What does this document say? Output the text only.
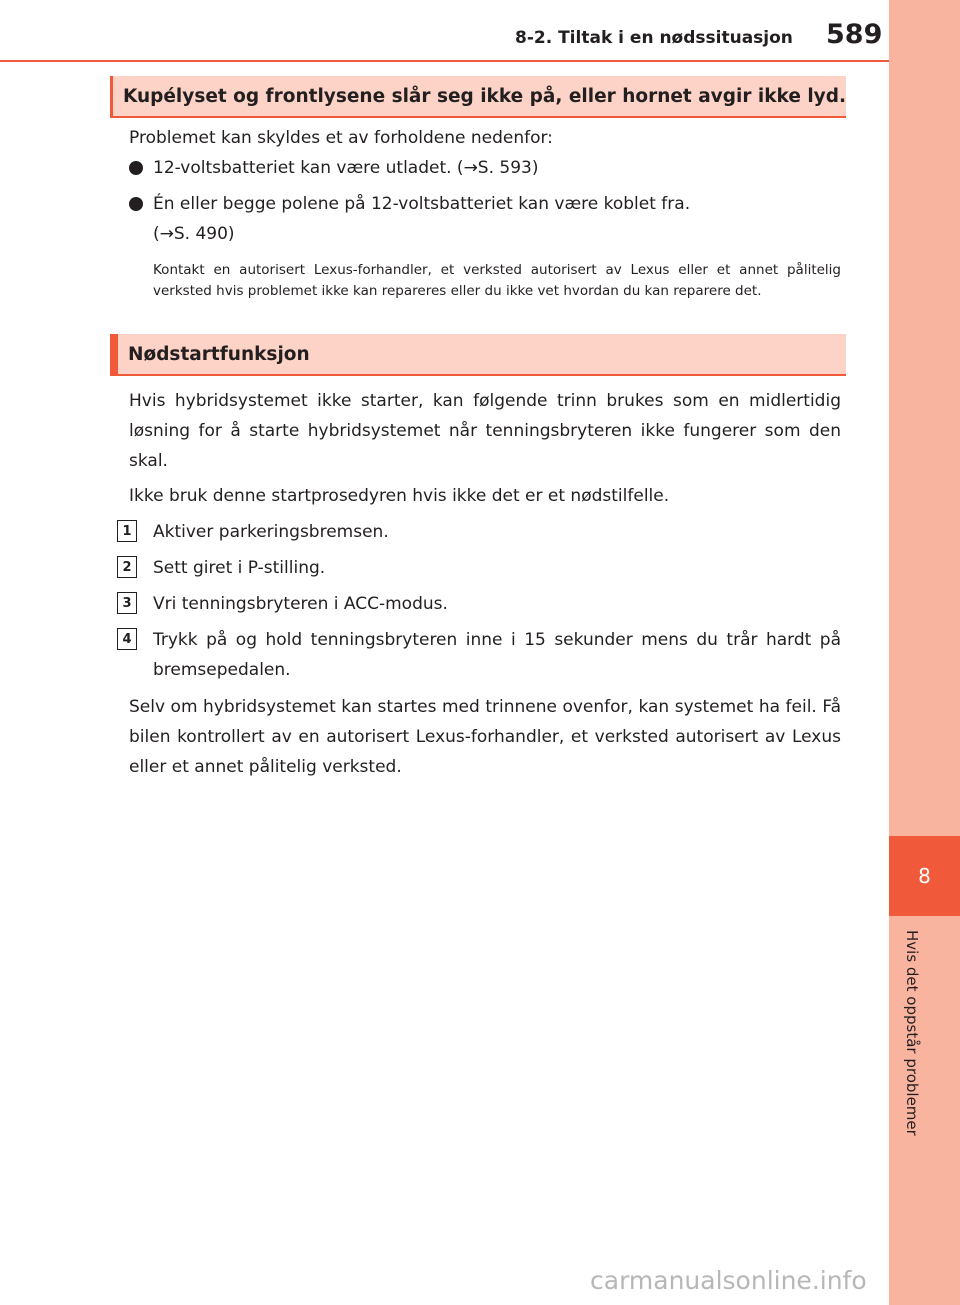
8
Hvis det oppstår problemer
8-2. Tiltak i en nødssituasjon 589
Kupélyset og frontlysene slår seg ikke på, eller hornet avgir ikke lyd.
Problemet kan skyldes et av forholdene nedenfor:
12-voltsbatteriet kan være utladet. (→S. 593)
Én eller begge polene på 12-voltsbatteriet kan være koblet fra. (→S. 490)
Kontakt en autorisert Lexus-forhandler, et verksted autorisert av Lexus eller et annet pålitelig verksted hvis problemet ikke kan repareres eller du ikke vet hvordan du kan reparere det.
Nødstartfunksjon
Hvis hybridsystemet ikke starter, kan følgende trinn brukes som en midlertidig løsning for å starte hybridsystemet når tenningsbryteren ikke fungerer som den skal.
Ikke bruk denne startprosedyren hvis ikke det er et nødstilfelle.
1	Aktiver parkeringsbremsen.
2	Sett giret i P-stilling.
3	Vri tenningsbryteren i ACC-modus.
4	Trykk på og hold tenningsbryteren inne i 15 sekunder mens du trår hardt på bremsepedalen.
Selv om hybridsystemet kan startes med trinnene ovenfor, kan systemet ha feil. Få bilen kontrollert av en autorisert Lexus-forhandler, et verksted autorisert av Lexus eller et annet pålitelig verksted.
carmanualsonline.info
